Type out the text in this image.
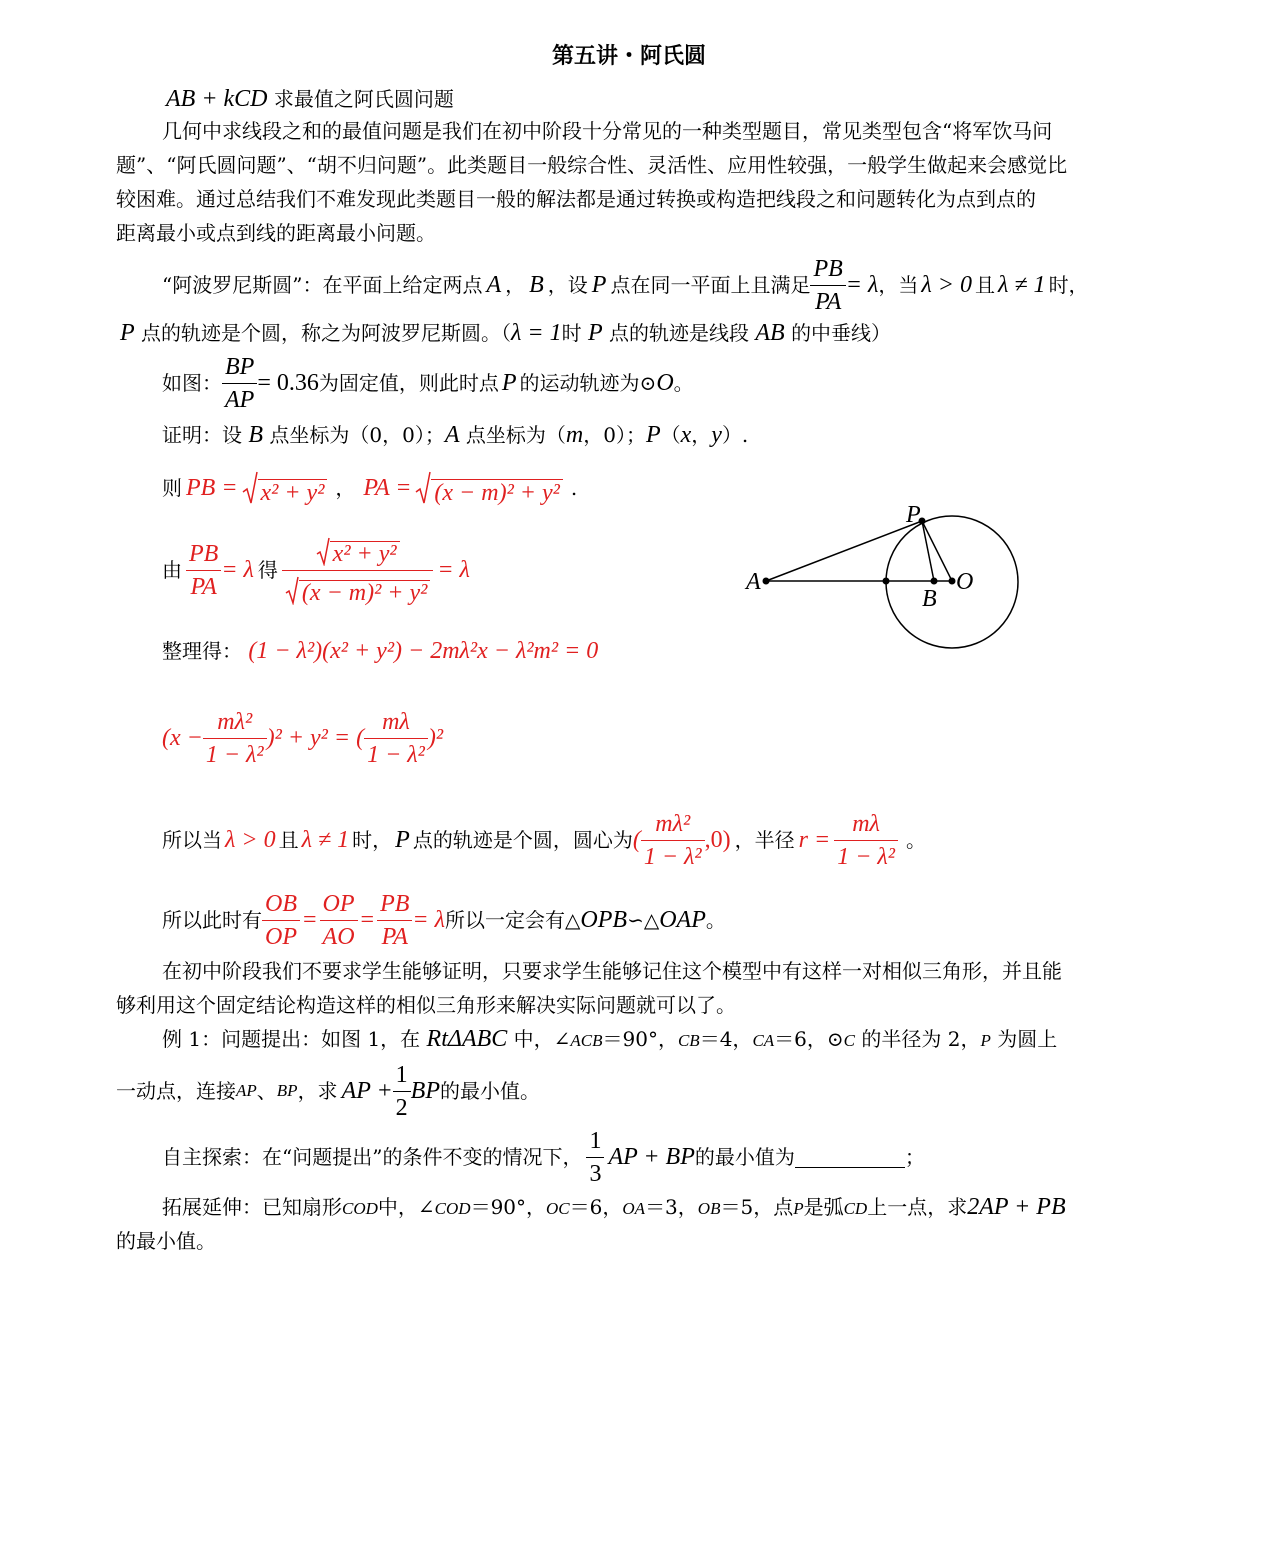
第五讲・阿氏圆
AB + kCD 求最值之阿氏圆问题
几何中求线段之和的最值问题是我们在初中阶段十分常见的一种类型题目，常见类型包含“将军饮马问
题”、“阿氏圆问题”、“胡不归问题”。此类题目一般综合性、灵活性、应用性较强，一般学生做起来会感觉比
较困难。通过总结我们不难发现此类题目一般的解法都是通过转换或构造把线段之和问题转化为点到点的
距离最小或点到线的距离最小问题。
“阿波罗尼斯圆”：在平面上给定两点 A ， B ，设 P 点在同一平面上且满足 $\frac{PB}{PA} = \lambda$ ，当 λ > 0 且 λ ≠ 1 时，
P 点的轨迹是个圆，称之为阿波罗尼斯圆。（λ = 1时 P 点的轨迹是线段 AB 的中垂线）
如图： $\frac{BP}{AP} = 0.36$ 为固定值，则此时点 P 的运动轨迹为⊙ O 。
证明：设 B 点坐标为（0，0）；A 点坐标为（m，0）；P（x，y）.
则 PB = x² + y² ， PA = (x − m)² + y² .
由 $\frac{PB}{PA} = \lambda$ 得 $\frac{\text{x² + y²}}{\text{(x − m)² + y²}} = \lambda$
整理得： (1 − λ²)(x² + y²) − 2mλ²x − λ²m² = 0
$(x - \frac{\text{mλ²}}{\text{1 − λ²}} )^2 + y^2$ = ( $\frac{m\lambda}{\text{1 − λ²}} )^2$
所以当 λ > 0 且 λ ≠ 1 时， P 点的轨迹是个圆，圆心为 ( $\frac{\text{mλ²}}{\text{1 − λ²}} ,0$) ，半径 $r = \frac{m\lambda}{\text{1 − λ²}}$ 。
所以此时有 $\frac{OB}{OP} = \frac{OP}{AO} = \frac{PB}{PA} = \lambda$ 所以一定会有△ OPB ∽△ OAP 。
在初中阶段我们不要求学生能够证明，只要求学生能够记住这个模型中有这样一对相似三角形，并且能
够利用这个固定结论构造这样的相似三角形来解决实际问题就可以了。
例 1：问题提出：如图 1，在 RtΔABC 中，∠ACB＝90°，CB＝4，CA＝6，⊙C 的半径为 2，P 为圆上
一动点，连接 AP 、 BP ，求 AP + $\frac{1}{2}$ BP 的最小值。
自主探索：在“问题提出”的条件不变的情况下， $\frac{1}{3}$ AP + BP 的最小值为	；
拓展延伸：已知扇形COD中，∠COD＝90°，OC＝6，OA＝3，OB＝5，点P是弧CD上一点，求2AP + PB
的最小值。
P
A
B
O
